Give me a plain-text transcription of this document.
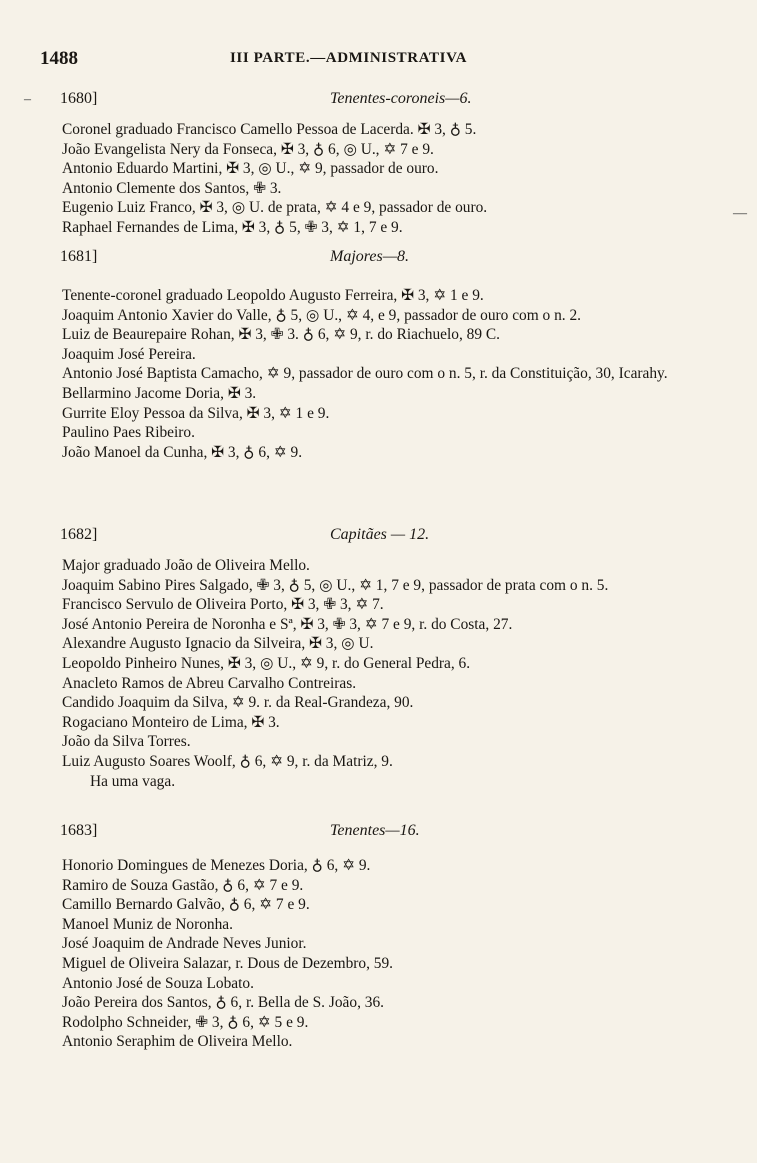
1488	III PARTE.—ADMINISTRATIVA
–
—
1680]	Tenentes-coroneis—6.
Coronel graduado Francisco Camello Pessoa de Lacerda. ✠ 3, ♁ 5.
João Evangelista Nery da Fonseca, ✠ 3, ♁ 6, ◎ U., ✡ 7 e 9.
Antonio Eduardo Martini, ✠ 3, ◎ U., ✡ 9, passador de ouro.
Antonio Clemente dos Santos, ✙ 3.
Eugenio Luiz Franco, ✠ 3, ◎ U. de prata, ✡ 4 e 9, passador de ouro.
Raphael Fernandes de Lima, ✠ 3, ♁ 5, ✙ 3, ✡ 1, 7 e 9.
1681]	Majores—8.
Tenente-coronel graduado Leopoldo Augusto Ferreira, ✠ 3, ✡ 1 e 9.
Joaquim Antonio Xavier do Valle, ♁ 5, ◎ U., ✡ 4, e 9, passador de ouro com o n. 2.
Luiz de Beaurepaire Rohan, ✠ 3, ✙ 3. ♁ 6, ✡ 9, r. do Riachuelo, 89 C.
Joaquim José Pereira.
Antonio José Baptista Camacho, ✡ 9, passador de ouro com o n. 5, r. da Constituição, 30, Icarahy.
Bellarmino Jacome Doria, ✠ 3.
Gurrite Eloy Pessoa da Silva, ✠ 3, ✡ 1 e 9.
Paulino Paes Ribeiro.
João Manoel da Cunha, ✠ 3, ♁ 6, ✡ 9.
1682]	Capitães — 12.
Major graduado João de Oliveira Mello.
Joaquim Sabino Pires Salgado, ✙ 3, ♁ 5, ◎ U., ✡ 1, 7 e 9, passador de prata com o n. 5.
Francisco Servulo de Oliveira Porto, ✠ 3, ✙ 3, ✡ 7.
José Antonio Pereira de Noronha e Sª, ✠ 3, ✙ 3, ✡ 7 e 9, r. do Costa, 27.
Alexandre Augusto Ignacio da Silveira, ✠ 3, ◎ U.
Leopoldo Pinheiro Nunes, ✠ 3, ◎ U., ✡ 9, r. do General Pedra, 6.
Anacleto Ramos de Abreu Carvalho Contreiras.
Candido Joaquim da Silva, ✡ 9. r. da Real-Grandeza, 90.
Rogaciano Monteiro de Lima, ✠ 3.
João da Silva Torres.
Luiz Augusto Soares Woolf, ♁ 6, ✡ 9, r. da Matriz, 9.
Ha uma vaga.
1683]	Tenentes—16.
Honorio Domingues de Menezes Doria, ♁ 6, ✡ 9.
Ramiro de Souza Gastão, ♁ 6, ✡ 7 e 9.
Camillo Bernardo Galvão, ♁ 6, ✡ 7 e 9.
Manoel Muniz de Noronha.
José Joaquim de Andrade Neves Junior.
Miguel de Oliveira Salazar, r. Dous de Dezembro, 59.
Antonio José de Souza Lobato.
João Pereira dos Santos, ♁ 6, r. Bella de S. João, 36.
Rodolpho Schneider, ✙ 3, ♁ 6, ✡ 5 e 9.
Antonio Seraphim de Oliveira Mello.
